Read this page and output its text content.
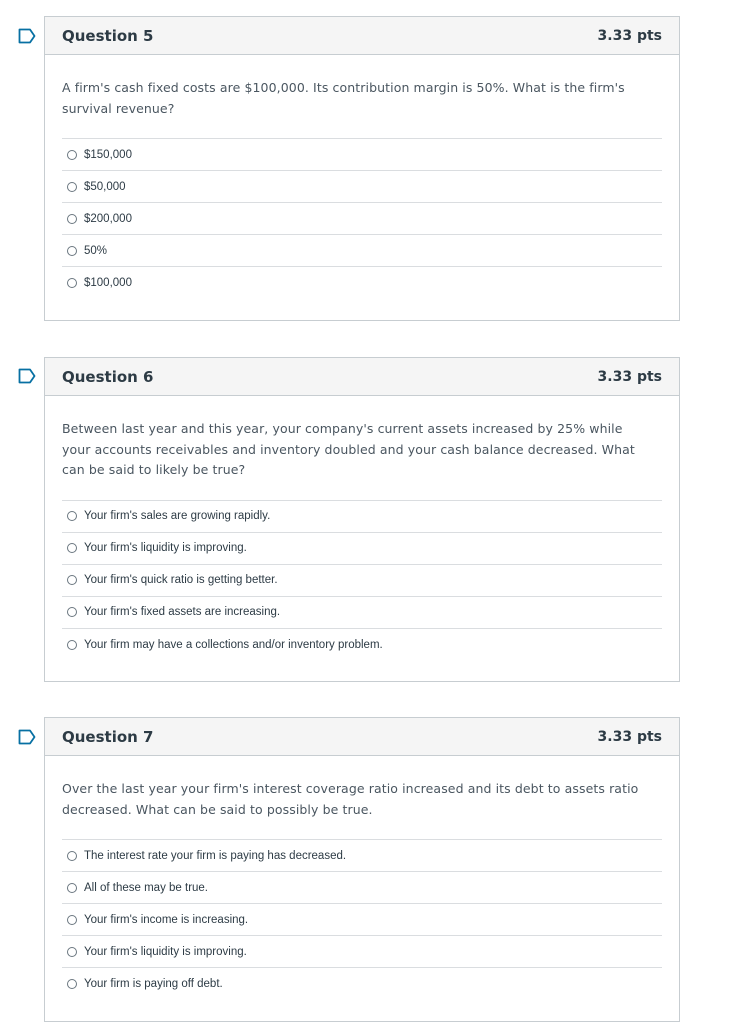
Question 5	3.33 pts
A firm's cash fixed costs are $100,000. Its contribution margin is 50%. What is the firm's survival revenue?
$150,000
$50,000
$200,000
50%
$100,000
Question 6	3.33 pts
Between last year and this year, your company's current assets increased by 25% while your accounts receivables and inventory doubled and your cash balance decreased. What can be said to likely be true?
Your firm's sales are growing rapidly.
Your firm's liquidity is improving.
Your firm's quick ratio is getting better.
Your firm's fixed assets are increasing.
Your firm may have a collections and/or inventory problem.
Question 7	3.33 pts
Over the last year your firm's interest coverage ratio increased and its debt to assets ratio decreased. What can be said to possibly be true.
The interest rate your firm is paying has decreased.
All of these may be true.
Your firm's income is increasing.
Your firm's liquidity is improving.
Your firm is paying off debt.
